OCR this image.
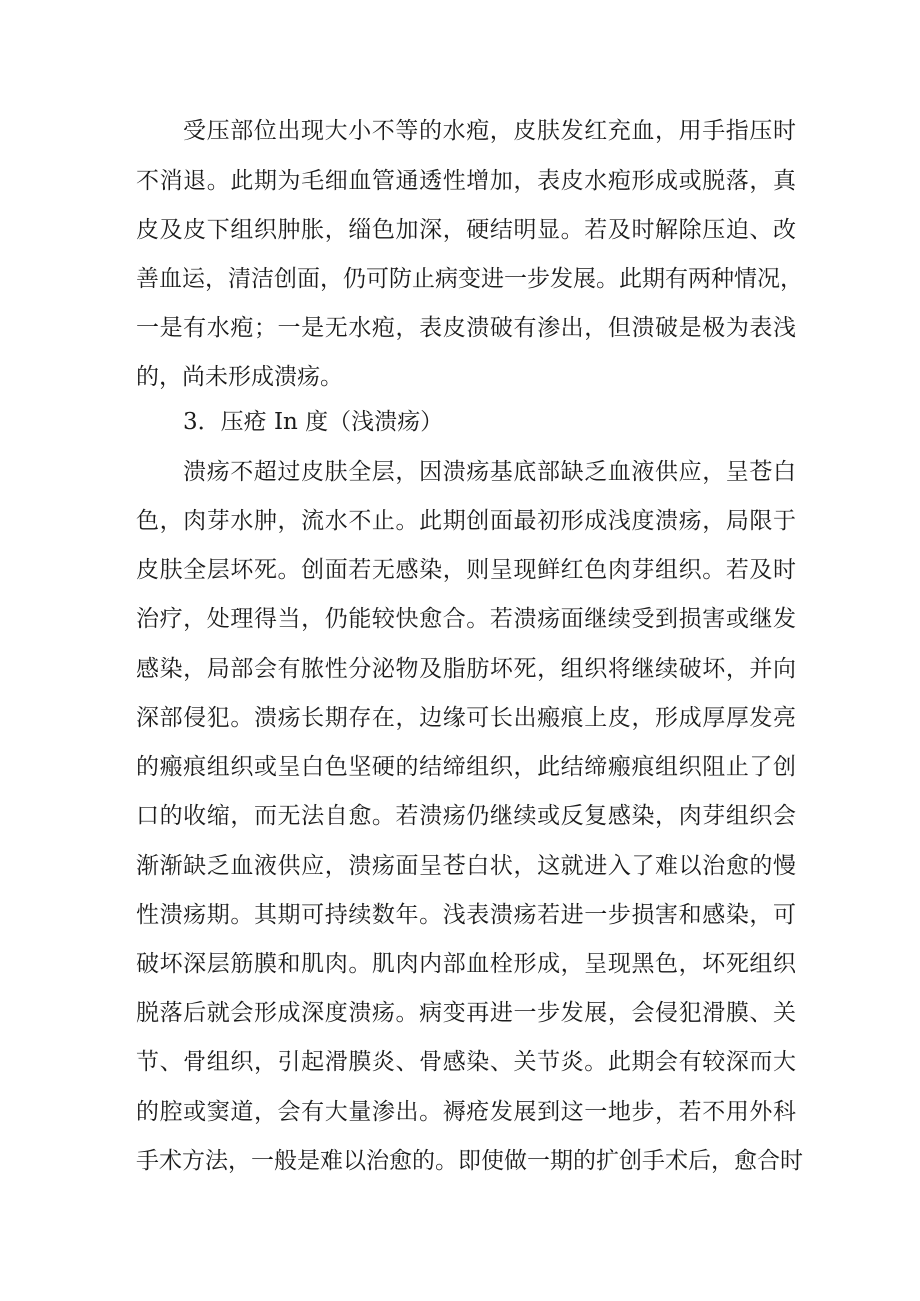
受压部位出现大小不等的水疱，皮肤发红充血，用手指压时
不消退。此期为毛细血管通透性增加，表皮水疱形成或脱落，真
皮及皮下组织肿胀，缁色加深，硬结明显。若及时解除压迫、改
善血运，清洁创面，仍可防止病变进一步发展。此期有两种情况，
一是有水疱；一是无水疱，表皮溃破有渗出，但溃破是极为表浅
的，尚未形成溃疡。
3．压疮 In 度（浅溃疡）
溃疡不超过皮肤全层，因溃疡基底部缺乏血液供应，呈苍白
色，肉芽水肿，流水不止。此期创面最初形成浅度溃疡，局限于
皮肤全层坏死。创面若无感染，则呈现鲜红色肉芽组织。若及时
治疗，处理得当，仍能较快愈合。若溃疡面继续受到损害或继发
感染，局部会有脓性分泌物及脂肪坏死，组织将继续破坏，并向
深部侵犯。溃疡长期存在，边缘可长出瘢痕上皮，形成厚厚发亮
的瘢痕组织或呈白色坚硬的结缔组织，此结缔瘢痕组织阻止了创
口的收缩，而无法自愈。若溃疡仍继续或反复感染，肉芽组织会
渐渐缺乏血液供应，溃疡面呈苍白状，这就进入了难以治愈的慢
性溃疡期。其期可持续数年。浅表溃疡若进一步损害和感染，可
破坏深层筋膜和肌肉。肌肉内部血栓形成，呈现黑色，坏死组织
脱落后就会形成深度溃疡。病变再进一步发展，会侵犯滑膜、关
节、骨组织，引起滑膜炎、骨感染、关节炎。此期会有较深而大
的腔或窦道，会有大量渗出。褥疮发展到这一地步，若不用外科
手术方法，一般是难以治愈的。即使做一期的扩创手术后，愈合时
